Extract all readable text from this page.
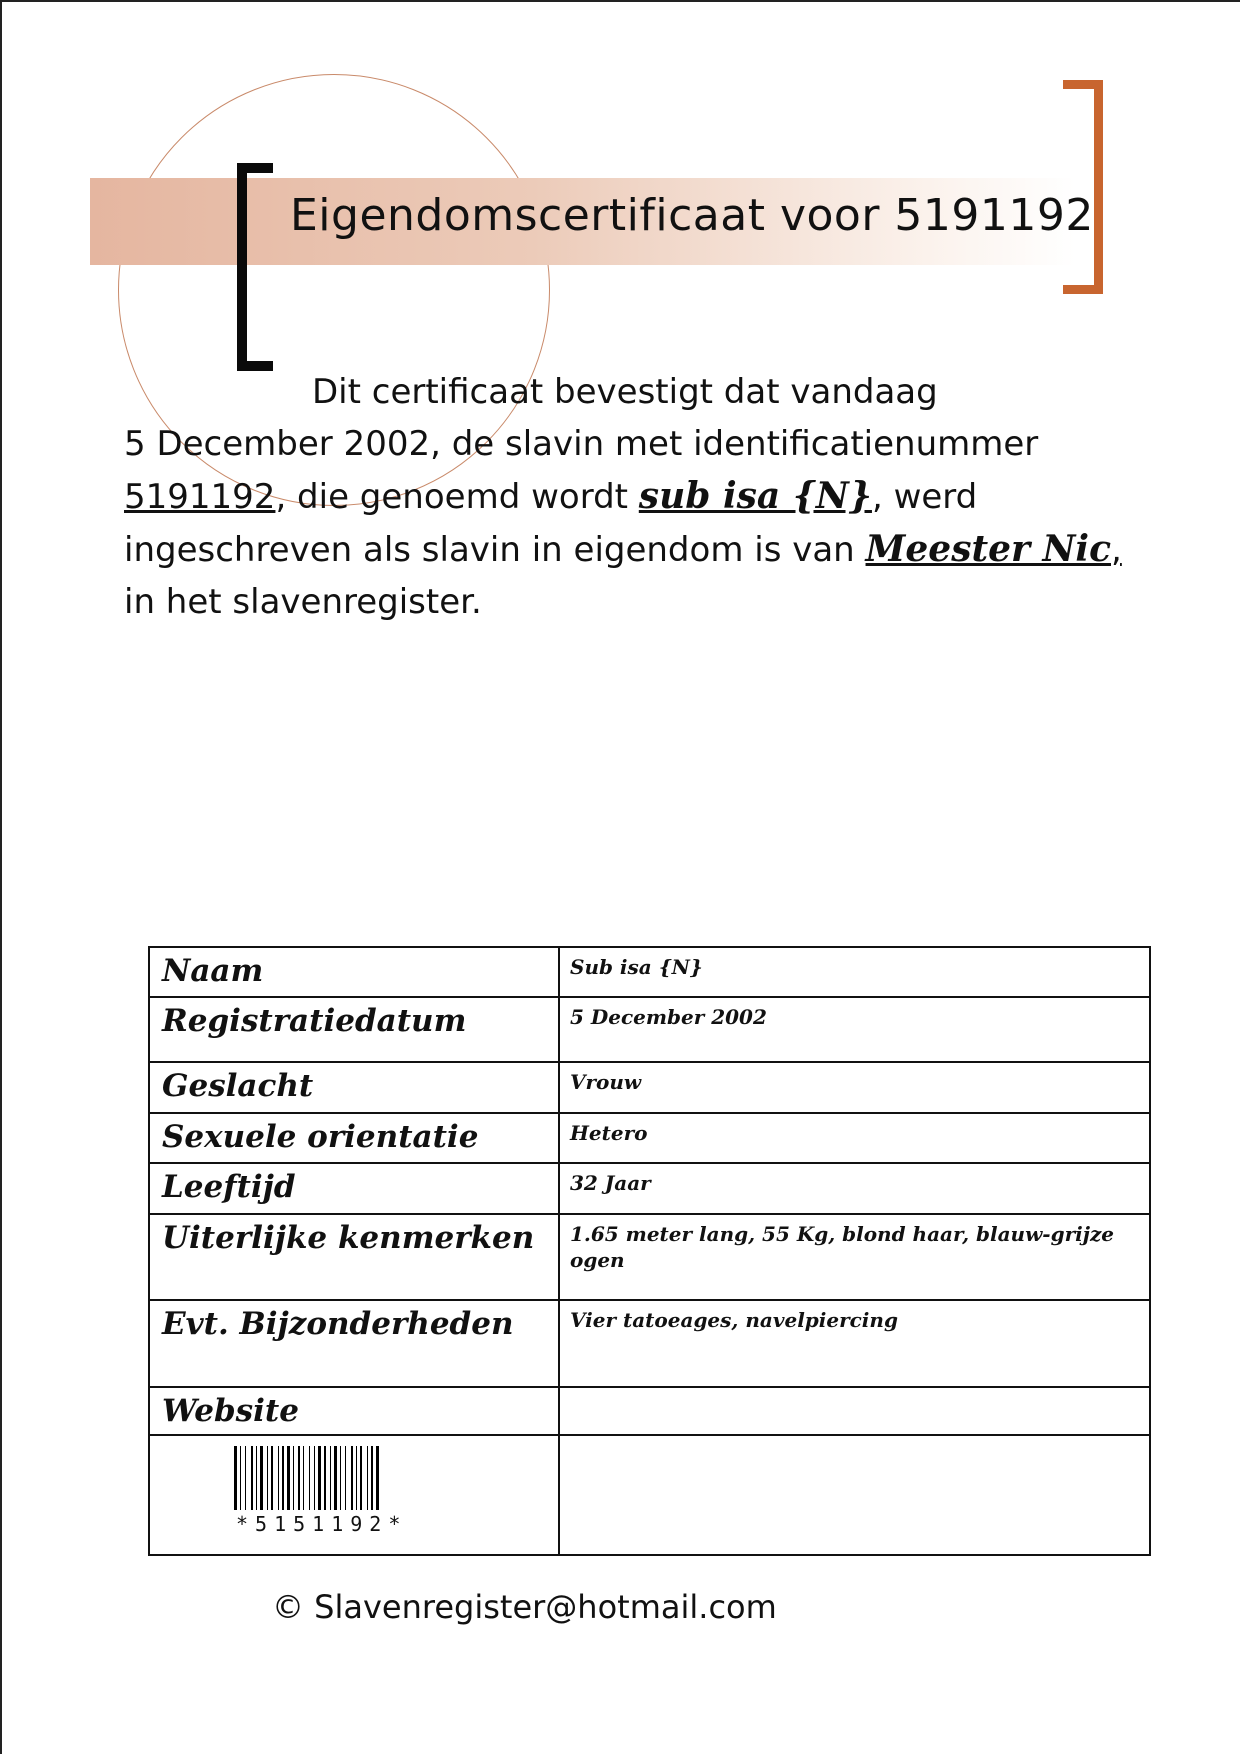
Eigendomscertificaat voor 5191192

Dit certificaat bevestigt dat vandaag
5 December 2002, de slavin met identificatienummer
5191192, die genoemd wordt sub isa {N}, werd
ingeschreven als slavin in eigendom is van Meester Nic,
in het slavenregister.

Naam	Sub isa {N}
Registratiedatum	5 December 2002
Geslacht	Vrouw
Sexuele orientatie	Hetero
Leeftijd	32 Jaar
Uiterlijke kenmerken	1.65 meter lang, 55 Kg, blond haar, blauw-grijze ogen
Evt. Bijzonderheden	Vier tatoeages, navelpiercing
Website	

*5151192*	

© Slavenregister@hotmail.com
